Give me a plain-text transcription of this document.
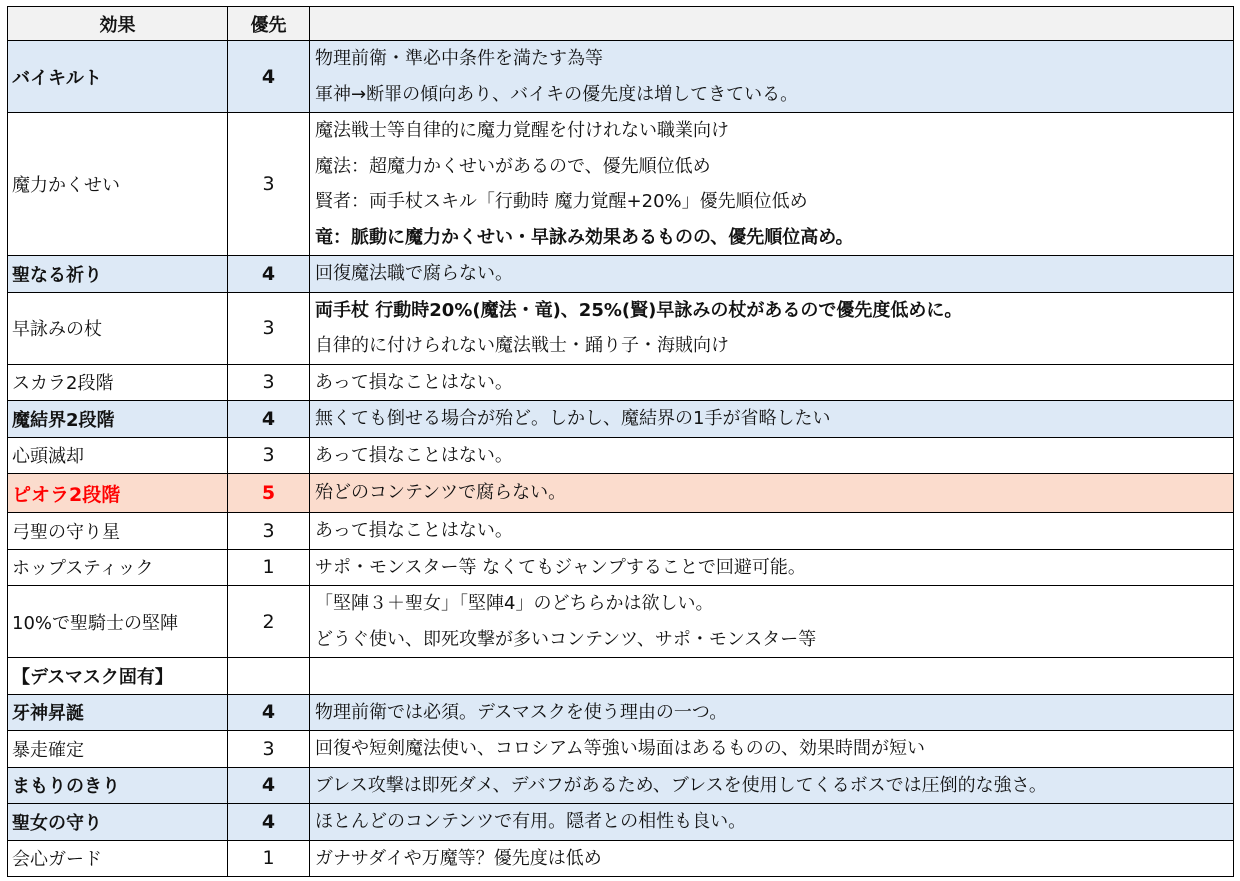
効果	優先	
バイキルト	4	物理前衛・準必中条件を満たす為等
軍神→断罪の傾向あり、バイキの優先度は増してきている。

魔力かくせい	3	魔法戦士等自律的に魔力覚醒を付けれない職業向け
魔法：超魔力かくせいがあるので、優先順位低め
賢者：両手杖スキル「行動時 魔力覚醒+20%」優先順位低め
竜：脈動に魔力かくせい・早詠み効果あるものの、優先順位高め。

聖なる祈り	4	回復魔法職で腐らない。

早詠みの杖	3	両手杖 行動時20%(魔法・竜)、25%(賢)早詠みの杖があるので優先度低めに。
自律的に付けられない魔法戦士・踊り子・海賊向け

スカラ2段階	3	あって損なことはない。

魔結界2段階	4	無くても倒せる場合が殆ど。しかし、魔結界の1手が省略したい

心頭滅却	3	あって損なことはない。

ピオラ2段階	5	殆どのコンテンツで腐らない。

弓聖の守り星	3	あって損なことはない。

ホップスティック	1	サポ・モンスター等 なくてもジャンプすることで回避可能。

10%で聖騎士の堅陣	2	「堅陣３＋聖女」「堅陣4」のどちらかは欲しい。
どうぐ使い、即死攻撃が多いコンテンツ、サポ・モンスター等

【デスマスク固有】		

牙神昇誕	4	物理前衛では必須。デスマスクを使う理由の一つ。

暴走確定	3	回復や短剣魔法使い、コロシアム等強い場面はあるものの、効果時間が短い

まもりのきり	4	ブレス攻撃は即死ダメ、デバフがあるため、ブレスを使用してくるボスでは圧倒的な強さ。

聖女の守り	4	ほとんどのコンテンツで有用。隠者との相性も良い。

会心ガード	1	ガナサダイや万魔等？優先度は低め
